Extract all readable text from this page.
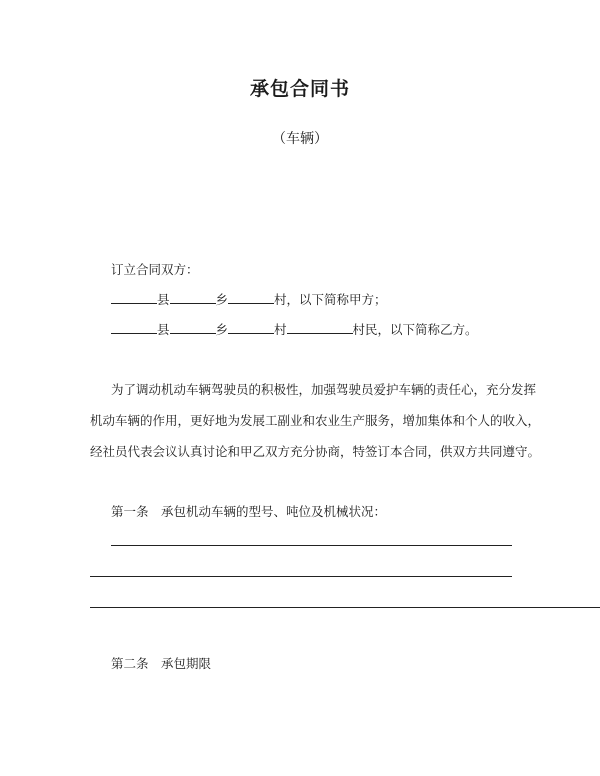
承包合同书
（车辆）
订立合同双方：
县	乡	村，以下简称甲方；
县	乡	村	村民，以下简称乙方。
为了调动机动车辆驾驶员的积极性，加强驾驶员爱护车辆的责任心，充分发挥
机动车辆的作用，更好地为发展工副业和农业生产服务，增加集体和个人的收入，
经社员代表会议认真讨论和甲乙双方充分协商，特签订本合同，供双方共同遵守。
第一条　承包机动车辆的型号、吨位及机械状况：
第二条　承包期限
